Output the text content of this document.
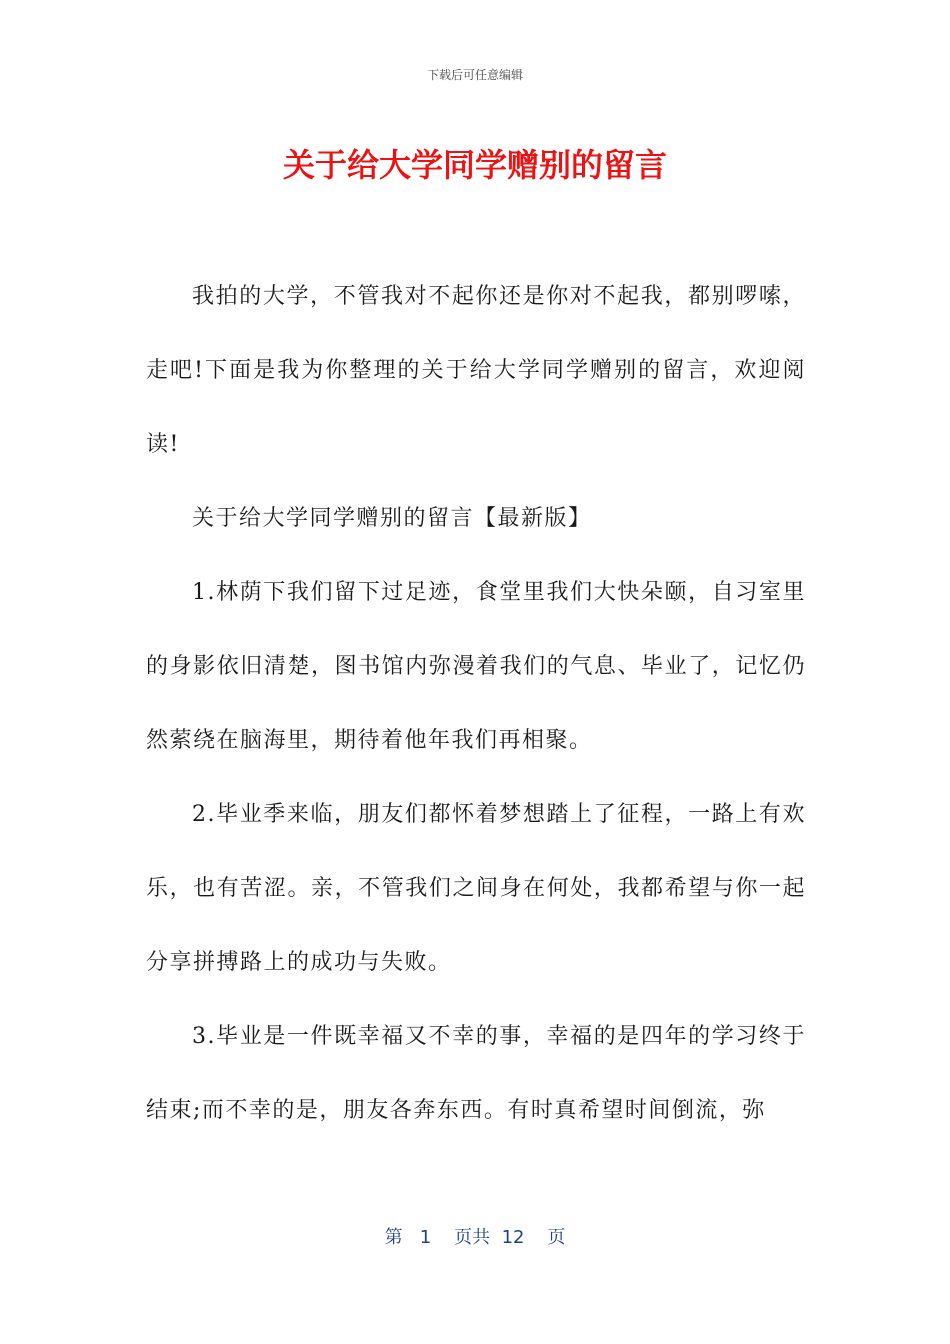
下载后可任意编辑
关于给大学同学赠别的留言

我拍的大学，不管我对不起你还是你对不起我，都别啰嗦，走吧!下面是我为你整理的关于给大学同学赠别的留言，欢迎阅读!

关于给大学同学赠别的留言【最新版】

1.林荫下我们留下过足迹，食堂里我们大快朵颐，自习室里的身影依旧清楚，图书馆内弥漫着我们的气息、毕业了，记忆仍然萦绕在脑海里，期待着他年我们再相聚。

2.毕业季来临，朋友们都怀着梦想踏上了征程，一路上有欢乐，也有苦涩。亲，不管我们之间身在何处，我都希望与你一起分享拼搏路上的成功与失败。

3.毕业是一件既幸福又不幸的事，幸福的是四年的学习终于结束;而不幸的是，朋友各奔东西。有时真希望时间倒流，弥

第 1 页共 12 页
